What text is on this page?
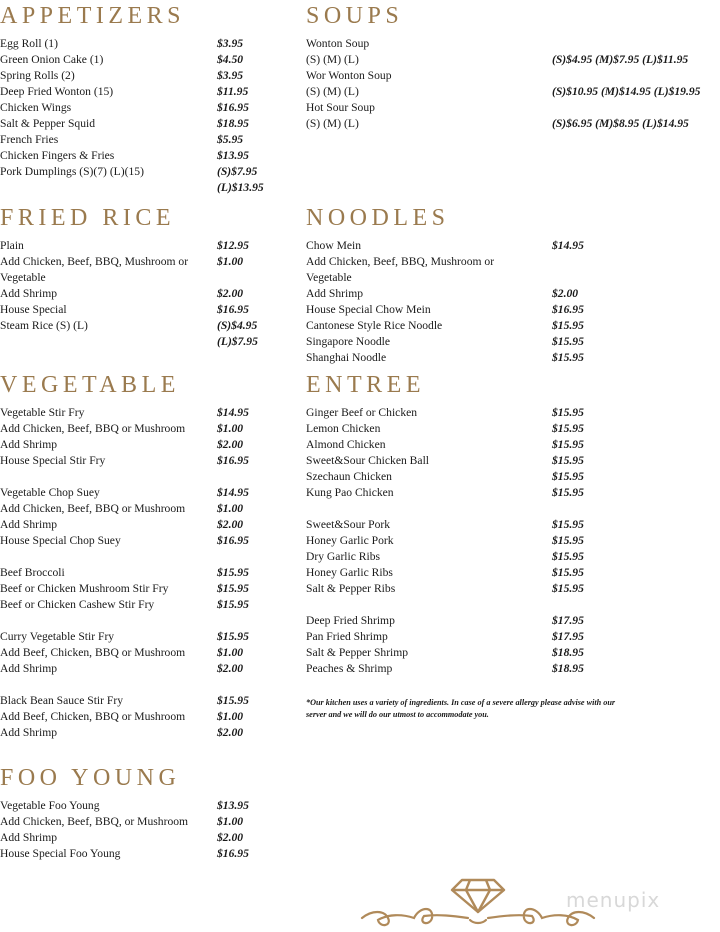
APPETIZERS
Egg Roll (1)	$3.95
Green Onion Cake (1)	$4.50
Spring Rolls (2)	$3.95
Deep Fried Wonton (15)	$11.95
Chicken Wings	$16.95
Salt & Pepper Squid	$18.95
French Fries	$5.95
Chicken Fingers & Fries	$13.95
Pork Dumplings (S)(7) (L)(15)	(S)$7.95
(L)$13.95
SOUPS
Wonton Soup
(S) (M) (L)	(S)$4.95 (M)$7.95 (L)$11.95
Wor Wonton Soup
(S) (M) (L)	(S)$10.95 (M)$14.95 (L)$19.95
Hot Sour Soup
(S) (M) (L)	(S)$6.95 (M)$8.95 (L)$14.95
FRIED RICE
Plain	$12.95
Add Chicken, Beef, BBQ, Mushroom or $1.00
Vegetable
Add Shrimp	$2.00
House Special	$16.95
Steam Rice (S) (L)	(S)$4.95
(L)$7.95
NOODLES
Chow Mein	$14.95
Add Chicken, Beef, BBQ, Mushroom or
Vegetable
Add Shrimp	$2.00
House Special Chow Mein	$16.95
Cantonese Style Rice Noodle	$15.95
Singapore Noodle	$15.95
Shanghai Noodle	$15.95
VEGETABLE
Vegetable Stir Fry	$14.95
Add Chicken, Beef, BBQ or Mushroom	$1.00
Add Shrimp	$2.00
House Special Stir Fry	$16.95
Vegetable Chop Suey	$14.95
Add Chicken, Beef, BBQ or Mushroom	$1.00
Add Shrimp	$2.00
House Special Chop Suey	$16.95
Beef Broccoli	$15.95
Beef or Chicken Mushroom Stir Fry	$15.95
Beef or Chicken Cashew Stir Fry	$15.95
Curry Vegetable Stir Fry	$15.95
Add Beef, Chicken, BBQ or Mushroom	$1.00
Add Shrimp	$2.00
Black Bean Sauce Stir Fry	$15.95
Add Beef, Chicken, BBQ or Mushroom	$1.00
Add Shrimp	$2.00
ENTREE
Ginger Beef or Chicken	$15.95
Lemon Chicken	$15.95
Almond Chicken	$15.95
Sweet&Sour Chicken Ball	$15.95
Szechaun Chicken	$15.95
Kung Pao Chicken	$15.95
Sweet&Sour Pork	$15.95
Honey Garlic Pork	$15.95
Dry Garlic Ribs	$15.95
Honey Garlic Ribs	$15.95
Salt & Pepper Ribs	$15.95
Deep Fried Shrimp	$17.95
Pan Fried Shrimp	$17.95
Salt & Pepper Shrimp	$18.95
Peaches & Shrimp	$18.95
FOO YOUNG
Vegetable Foo Young	$13.95
Add Chicken, Beef, BBQ, or Mushroom $1.00
Add Shrimp	$2.00
House Special Foo Young	$16.95
*Our kitchen uses a variety of ingredients. In case of a severe allergy please advise with our server and we will do our utmost to accommodate you.
menupix
